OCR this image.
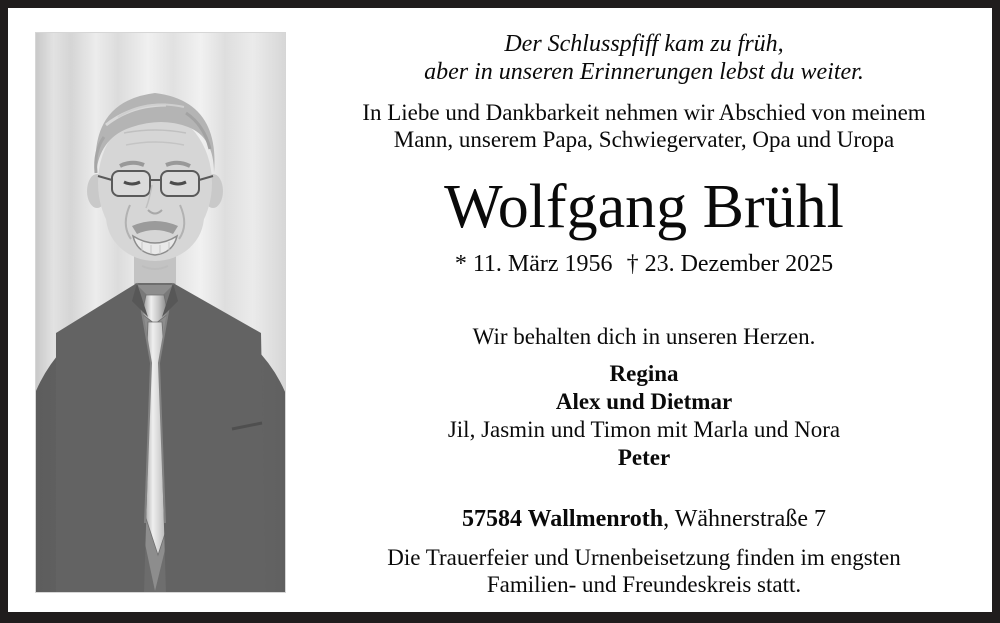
Der Schlusspfiff kam zu früh,
aber in unseren Erinnerungen lebst du weiter.
In Liebe und Dankbarkeit nehmen wir Abschied von meinem
Mann, unserem Papa, Schwiegervater, Opa und Uropa
Wolfgang Brühl
* 11. März 1956 † 23. Dezember 2025
Wir behalten dich in unseren Herzen.
Regina
Alex und Dietmar
Jil, Jasmin und Timon mit Marla und Nora
Peter
57584 Wallmenroth, Wähnerstraße 7
Die Trauerfeier und Urnenbeisetzung finden im engsten
Familien- und Freundeskreis statt.
